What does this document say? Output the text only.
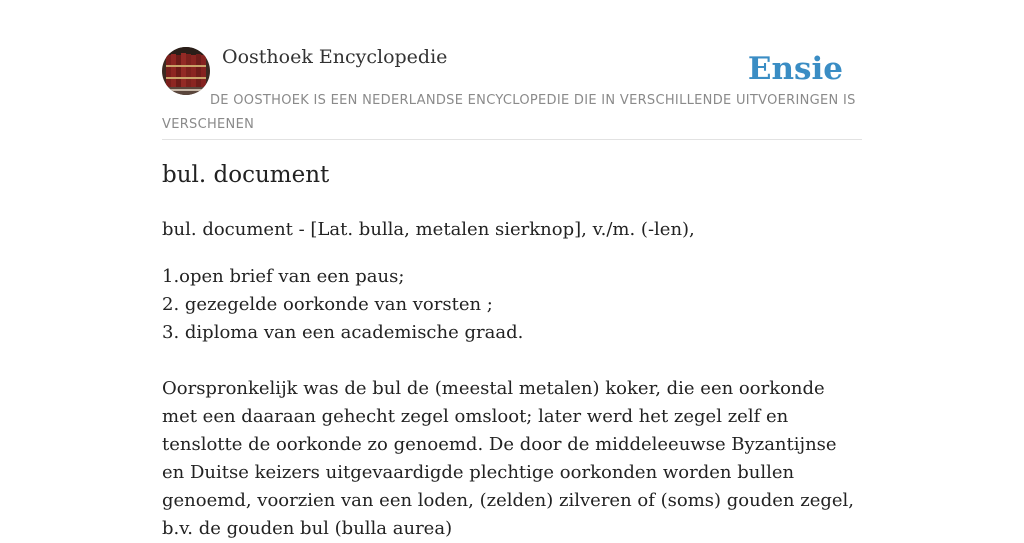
Oosthoek Encyclopedie	Ensie

DE OOSTHOEK IS EEN NEDERLANDSE ENCYCLOPEDIE DIE IN VERSCHILLENDE UITVOERINGEN IS VERSCHENEN

bul. document

bul. document - [Lat. bulla, metalen sierknop], v./m. (-len),

1.open brief van een paus;
2. gezegelde oorkonde van vorsten ;
3. diploma van een academische graad.

Oorspronkelijk was de bul de (meestal metalen) koker, die een oorkonde met een daaraan gehecht zegel omsloot; later werd het zegel zelf en tenslotte de oorkonde zo genoemd. De door de middeleeuwse Byzantijnse en Duitse keizers uitgevaardigde plechtige oorkonden worden bullen genoemd, voorzien van een loden, (zelden) zilveren of (soms) gouden zegel, b.v. de gouden bul (bulla aurea)
